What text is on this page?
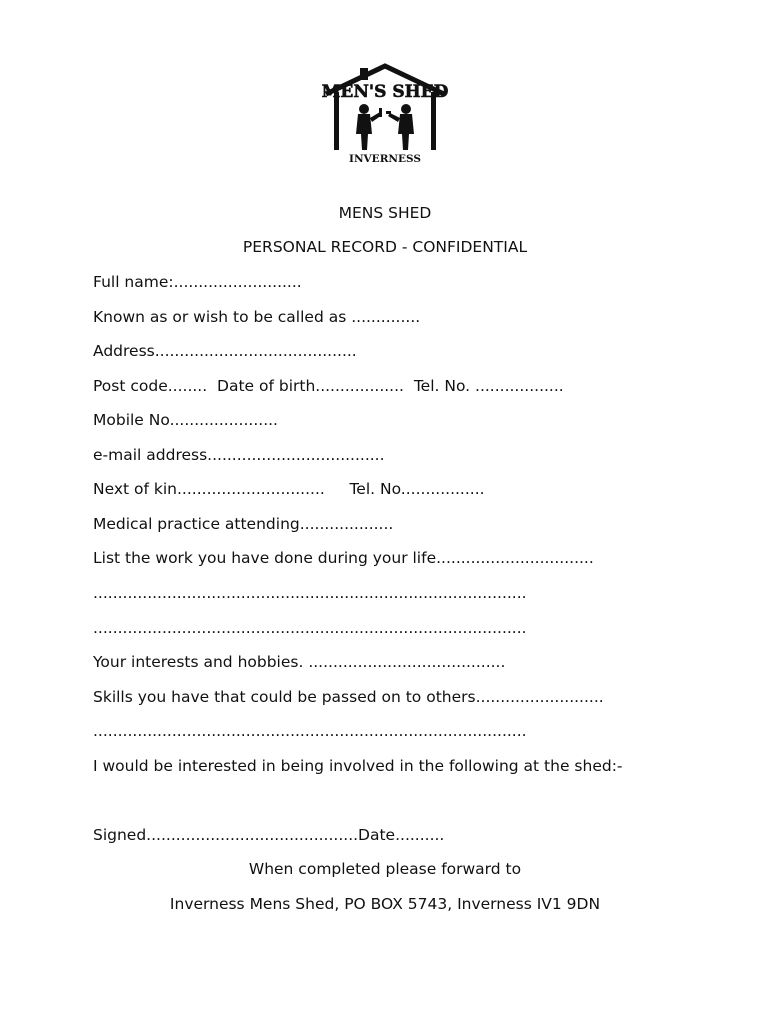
MEN'S SHED
INVERNESS

MENS SHED

PERSONAL RECORD - CONFIDENTIAL

Full name:..........................

Known as or wish to be called as ..............

Address.........................................

Post code........ Date of birth.................. Tel. No. ..................

Mobile No......................

e-mail address....................................

Next of kin.............................. Tel. No.................

Medical practice attending...................

List the work you have done during your life................................

........................................................................................

........................................................................................

Your interests and hobbies. ........................................

Skills you have that could be passed on to others..........................

........................................................................................

I would be interested in being involved in the following at the shed:-

Signed...........................................Date..........

When completed please forward to

Inverness Mens Shed, PO BOX 5743, Inverness IV1 9DN
